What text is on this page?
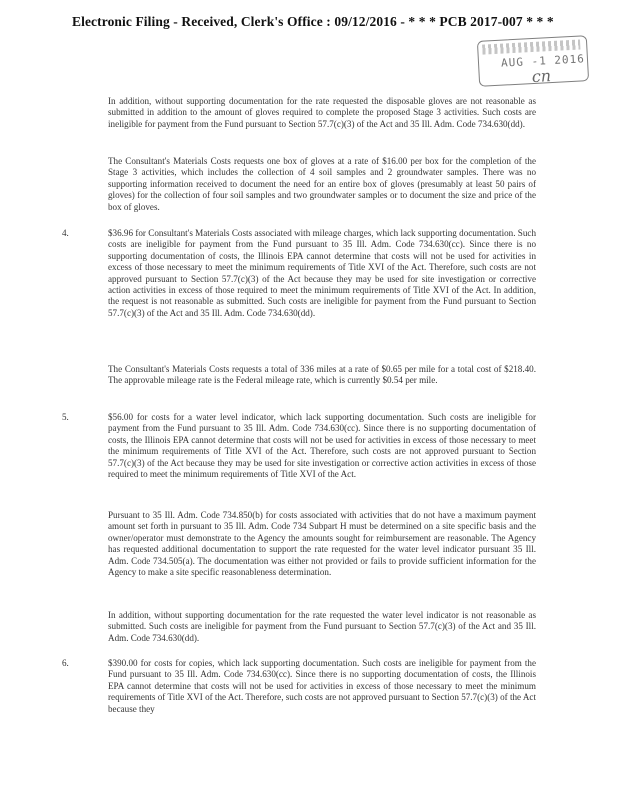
Electronic Filing - Received, Clerk's Office : 09/12/2016 - * * * PCB 2017-007 * * *
AUG -1 2016
cn
In addition, without supporting documentation for the rate requested the disposable gloves are not reasonable as submitted in addition to the amount of gloves required to complete the proposed Stage 3 activities. Such costs are ineligible for payment from the Fund pursuant to Section 57.7(c)(3) of the Act and 35 Ill. Adm. Code 734.630(dd).
The Consultant's Materials Costs requests one box of gloves at a rate of $16.00 per box for the completion of the Stage 3 activities, which includes the collection of 4 soil samples and 2 groundwater samples. There was no supporting information received to document the need for an entire box of gloves (presumably at least 50 pairs of gloves) for the collection of four soil samples and two groundwater samples or to document the size and price of the box of gloves.
4.	$36.96 for Consultant's Materials Costs associated with mileage charges, which lack supporting documentation. Such costs are ineligible for payment from the Fund pursuant to 35 Ill. Adm. Code 734.630(cc). Since there is no supporting documentation of costs, the Illinois EPA cannot determine that costs will not be used for activities in excess of those necessary to meet the minimum requirements of Title XVI of the Act. Therefore, such costs are not approved pursuant to Section 57.7(c)(3) of the Act because they may be used for site investigation or corrective action activities in excess of those required to meet the minimum requirements of Title XVI of the Act. In addition, the request is not reasonable as submitted. Such costs are ineligible for payment from the Fund pursuant to Section 57.7(c)(3) of the Act and 35 Ill. Adm. Code 734.630(dd).
The Consultant's Materials Costs requests a total of 336 miles at a rate of $0.65 per mile for a total cost of $218.40. The approvable mileage rate is the Federal mileage rate, which is currently $0.54 per mile.
5.	$56.00 for costs for a water level indicator, which lack supporting documentation. Such costs are ineligible for payment from the Fund pursuant to 35 Ill. Adm. Code 734.630(cc). Since there is no supporting documentation of costs, the Illinois EPA cannot determine that costs will not be used for activities in excess of those necessary to meet the minimum requirements of Title XVI of the Act. Therefore, such costs are not approved pursuant to Section 57.7(c)(3) of the Act because they may be used for site investigation or corrective action activities in excess of those required to meet the minimum requirements of Title XVI of the Act.
Pursuant to 35 Ill. Adm. Code 734.850(b) for costs associated with activities that do not have a maximum payment amount set forth in pursuant to 35 Ill. Adm. Code 734 Subpart H must be determined on a site specific basis and the owner/operator must demonstrate to the Agency the amounts sought for reimbursement are reasonable. The Agency has requested additional documentation to support the rate requested for the water level indicator pursuant 35 Ill. Adm. Code 734.505(a). The documentation was either not provided or fails to provide sufficient information for the Agency to make a site specific reasonableness determination.
In addition, without supporting documentation for the rate requested the water level indicator is not reasonable as submitted. Such costs are ineligible for payment from the Fund pursuant to Section 57.7(c)(3) of the Act and 35 Ill. Adm. Code 734.630(dd).
6.	$390.00 for costs for copies, which lack supporting documentation. Such costs are ineligible for payment from the Fund pursuant to 35 Ill. Adm. Code 734.630(cc). Since there is no supporting documentation of costs, the Illinois EPA cannot determine that costs will not be used for activities in excess of those necessary to meet the minimum requirements of Title XVI of the Act. Therefore, such costs are not approved pursuant to Section 57.7(c)(3) of the Act because they
